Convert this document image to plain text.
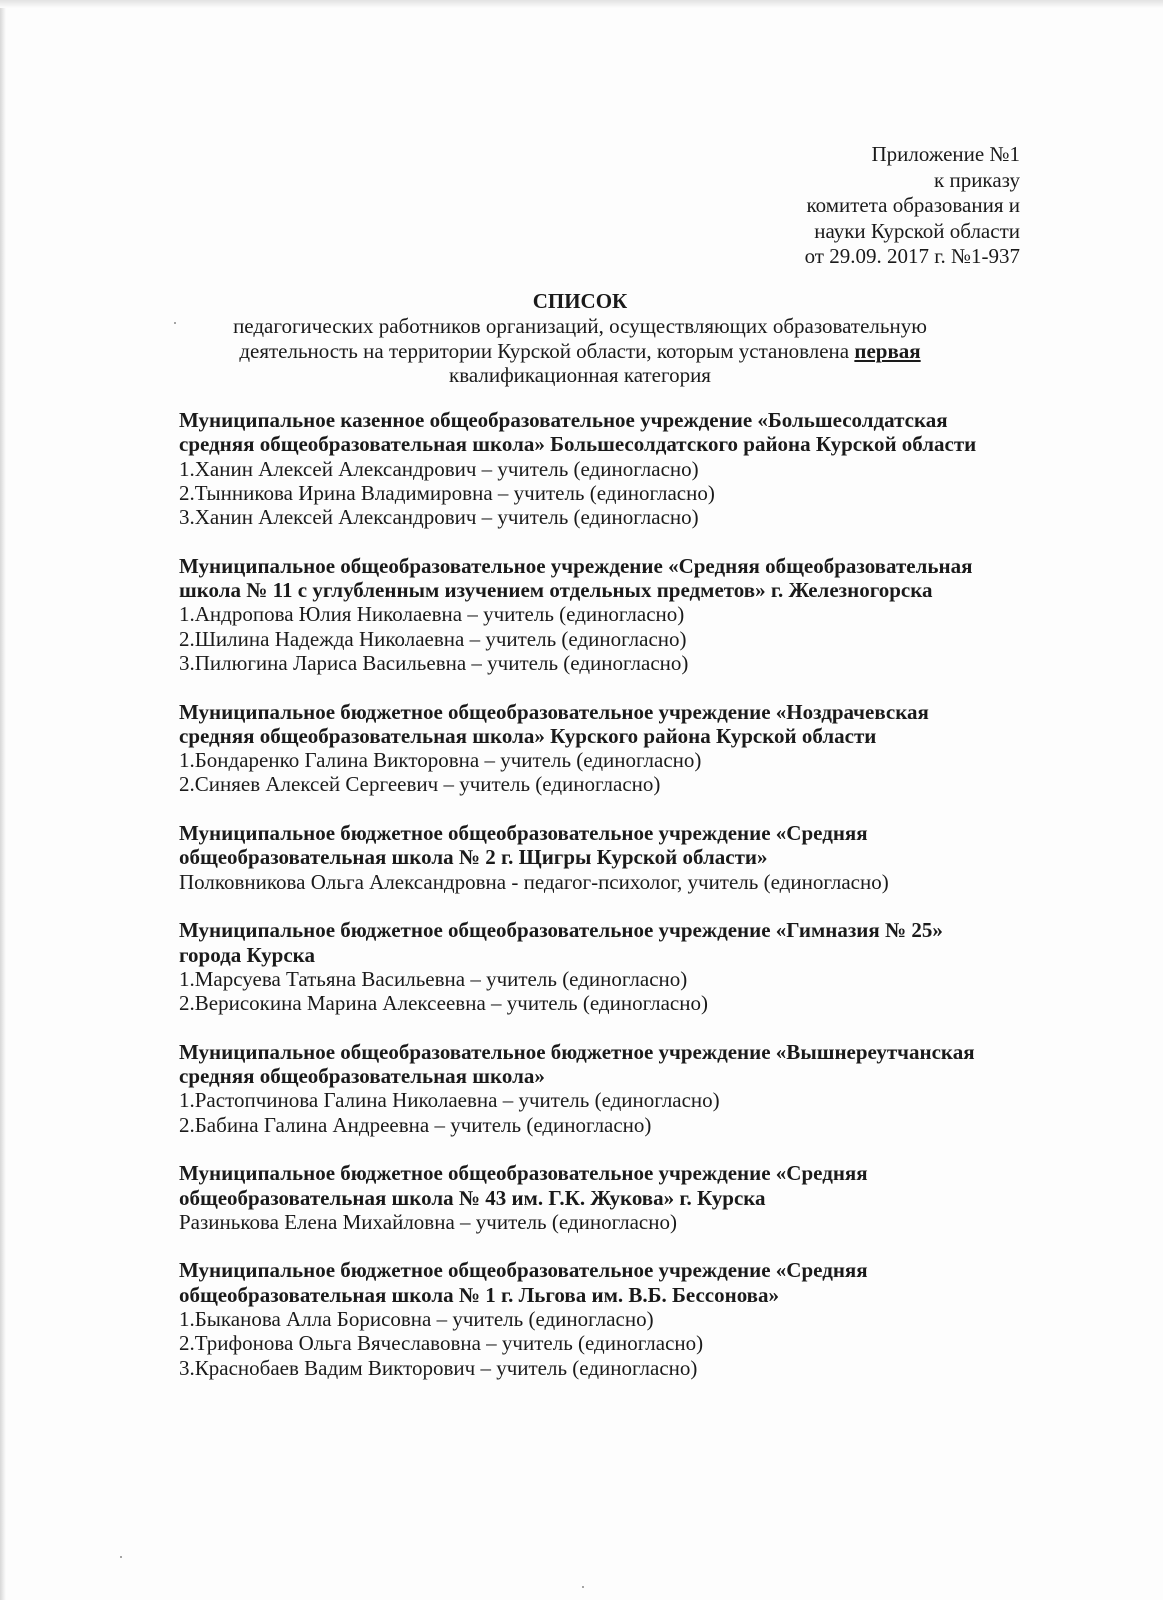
Приложение №1
к приказу
комитета образования и
науки Курской области
от 29.09. 2017 г. №1-937
СПИСОК
педагогических работников организаций, осуществляющих образовательную
деятельность на территории Курской области, которым установлена первая
квалификационная категория
Муниципальное казенное общеобразовательное учреждение «Большесолдатская
средняя общеобразовательная школа» Большесолдатского района Курской области
1.Ханин Алексей Александрович – учитель (единогласно)
2.Тынникова Ирина Владимировна – учитель (единогласно)
3.Ханин Алексей Александрович – учитель (единогласно)
Муниципальное общеобразовательное учреждение «Средняя общеобразовательная
школа № 11 с углубленным изучением отдельных предметов» г. Железногорска
1.Андропова Юлия Николаевна – учитель (единогласно)
2.Шилина Надежда Николаевна – учитель (единогласно)
3.Пилюгина Лариса Васильевна – учитель (единогласно)
Муниципальное бюджетное общеобразовательное учреждение «Ноздрачевская
средняя общеобразовательная школа» Курского района Курской области
1.Бондаренко Галина Викторовна – учитель (единогласно)
2.Синяев Алексей Сергеевич – учитель (единогласно)
Муниципальное бюджетное общеобразовательное учреждение «Средняя
общеобразовательная школа № 2 г. Щигры Курской области»
Полковникова Ольга Александровна - педагог-психолог, учитель (единогласно)
Муниципальное бюджетное общеобразовательное учреждение «Гимназия № 25»
города Курска
1.Марсуева Татьяна Васильевна – учитель (единогласно)
2.Верисокина Марина Алексеевна – учитель (единогласно)
Муниципальное общеобразовательное бюджетное учреждение «Вышнереутчанская
средняя общеобразовательная школа»
1.Растопчинова Галина Николаевна – учитель (единогласно)
2.Бабина Галина Андреевна – учитель (единогласно)
Муниципальное бюджетное общеобразовательное учреждение «Средняя
общеобразовательная школа № 43 им. Г.К. Жукова» г. Курска
Разинькова Елена Михайловна – учитель (единогласно)
Муниципальное бюджетное общеобразовательное учреждение «Средняя
общеобразовательная школа № 1 г. Льгова им. В.Б. Бессонова»
1.Быканова Алла Борисовна – учитель (единогласно)
2.Трифонова Ольга Вячеславовна – учитель (единогласно)
3.Краснобаев Вадим Викторович – учитель (единогласно)
